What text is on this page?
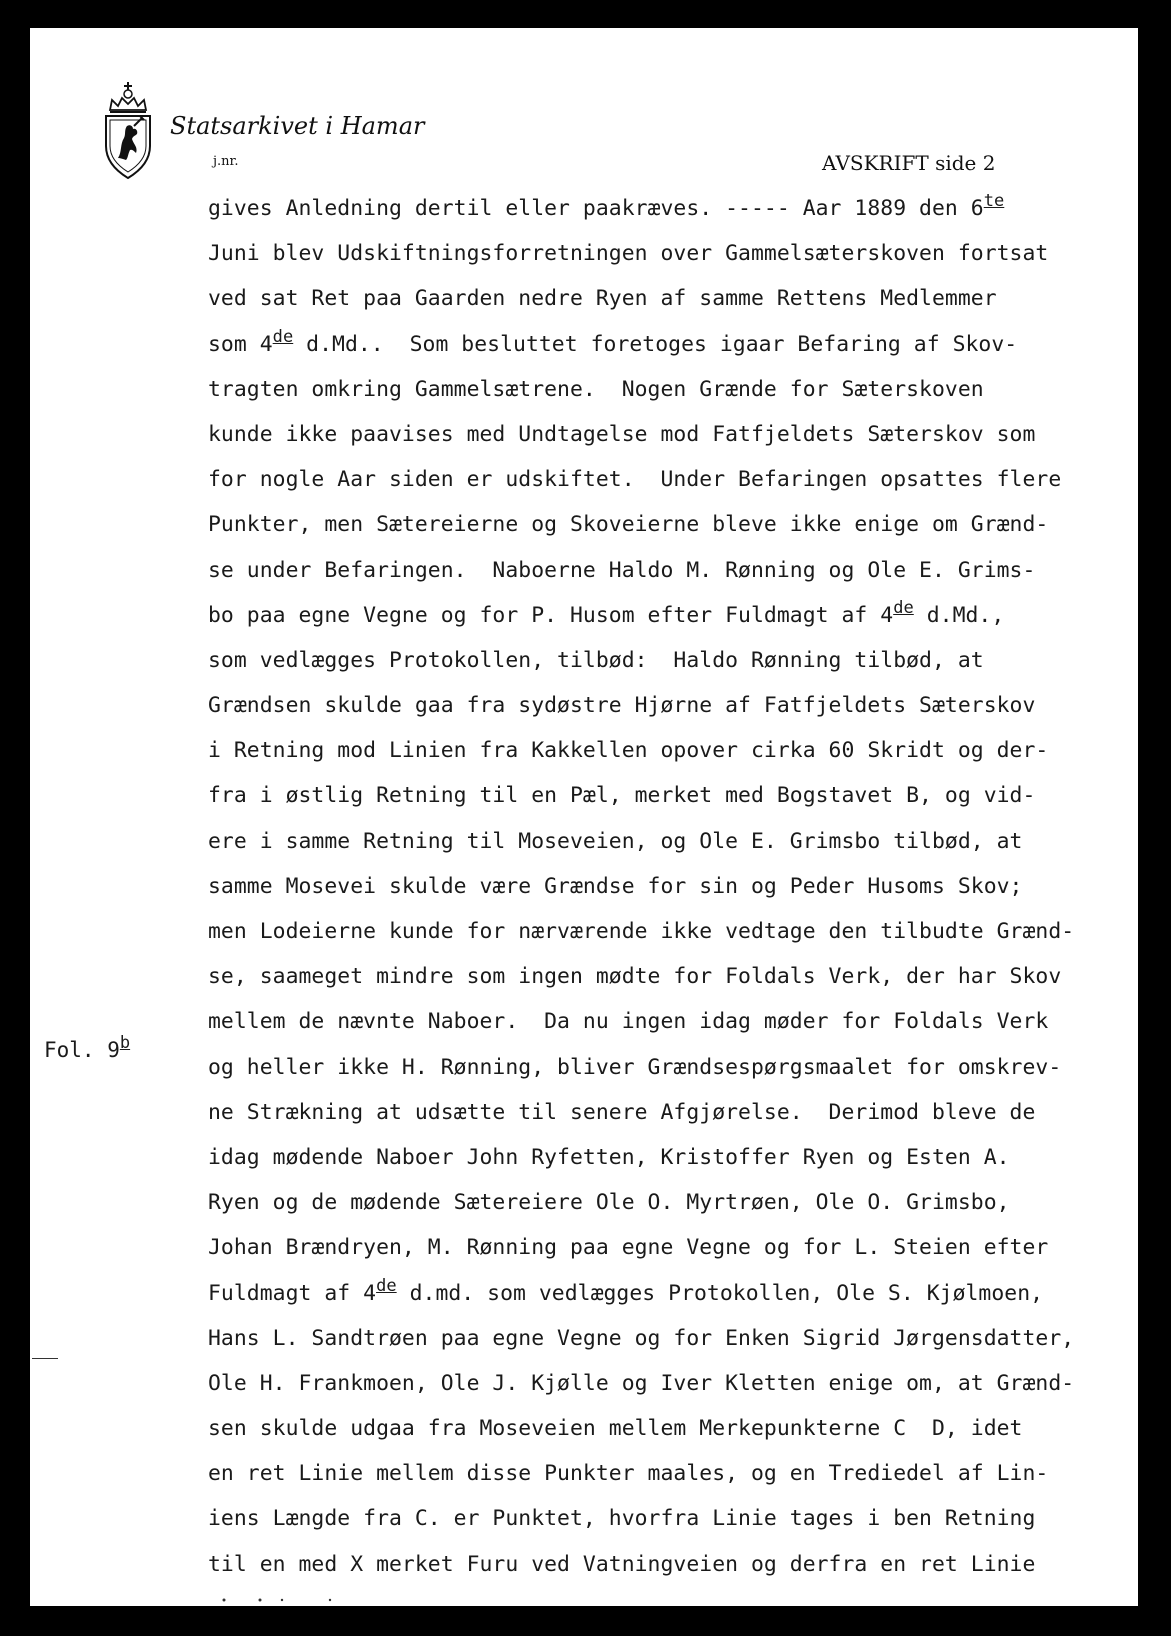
Statsarkivet i Hamar
j.nr.	AVSKRIFT side 2
Fol. 9$^b$
gives Anledning dertil eller paakræves. ----- Aar 1889 den $6^{te}$
Juni blev Udskiftningsforretningen over Gammelsæterskoven fortsat
ved sat Ret paa Gaarden nedre Ryen af samme Rettens Medlemmer
som 4de d.Md..  Som besluttet foretoges igaar Befaring af Skov-
tragten omkring Gammelsætrene.  Nogen Grænde for Sæterskoven
kunde ikke paavises med Undtagelse mod Fatfjeldets Sæterskov som
for nogle Aar siden er udskiftet.  Under Befaringen opsattes flere
Punkter, men Sætereierne og Skoveierne bleve ikke enige om Grænd-
se under Befaringen.  Naboerne Haldo M. Rønning og Ole E. Grims-
bo paa egne Vegne og for P. Husom efter Fuldmagt af 4de d.Md.,
som vedlægges Protokollen, tilbød:  Haldo Rønning tilbød, at
Grændsen skulde gaa fra sydøstre Hjørne af Fatfjeldets Sæterskov
i Retning mod Linien fra Kakkellen opover cirka 60 Skridt og der-
fra i østlig Retning til en Pæl, merket med Bogstavet B, og vid-
ere i samme Retning til Moseveien, og Ole E. Grimsbo tilbød, at
samme Mosevei skulde være Grændse for sin og Peder Husoms Skov;
men Lodeierne kunde for nærværende ikke vedtage den tilbudte Grænd-
se, saameget mindre som ingen mødte for Foldals Verk, der har Skov
mellem de nævnte Naboer.  Da nu ingen idag møder for Foldals Verk
og heller ikke H. Rønning, bliver Grændsespørgsmaalet for omskrev-
ne Strækning at udsætte til senere Afgjørelse.  Derimod bleve de
idag mødende Naboer John Ryfetten, Kristoffer Ryen og Esten A.
Ryen og de mødende Sætereiere Ole O. Myrtrøen, Ole O. Grimsbo,
Johan Brændryen, M. Rønning paa egne Vegne og for L. Steien efter
Fuldmagt af 4de d.md. som vedlægges Protokollen, Ole S. Kjølmoen,
Hans L. Sandtrøen paa egne Vegne og for Enken Sigrid Jørgensdatter,
Ole H. Frankmoen, Ole J. Kjølle og Iver Kletten enige om, at Grænd-
sen skulde udgaa fra Moseveien mellem Merkepunkterne C  D, idet
en ret Linie mellem disse Punkter maales, og en Trediedel af Lin-
iens Længde fra C. er Punktet, hvorfra Linie tages i ben Retning
til en med X merket Furu ved Vatningveien og derfra en ret Linie
